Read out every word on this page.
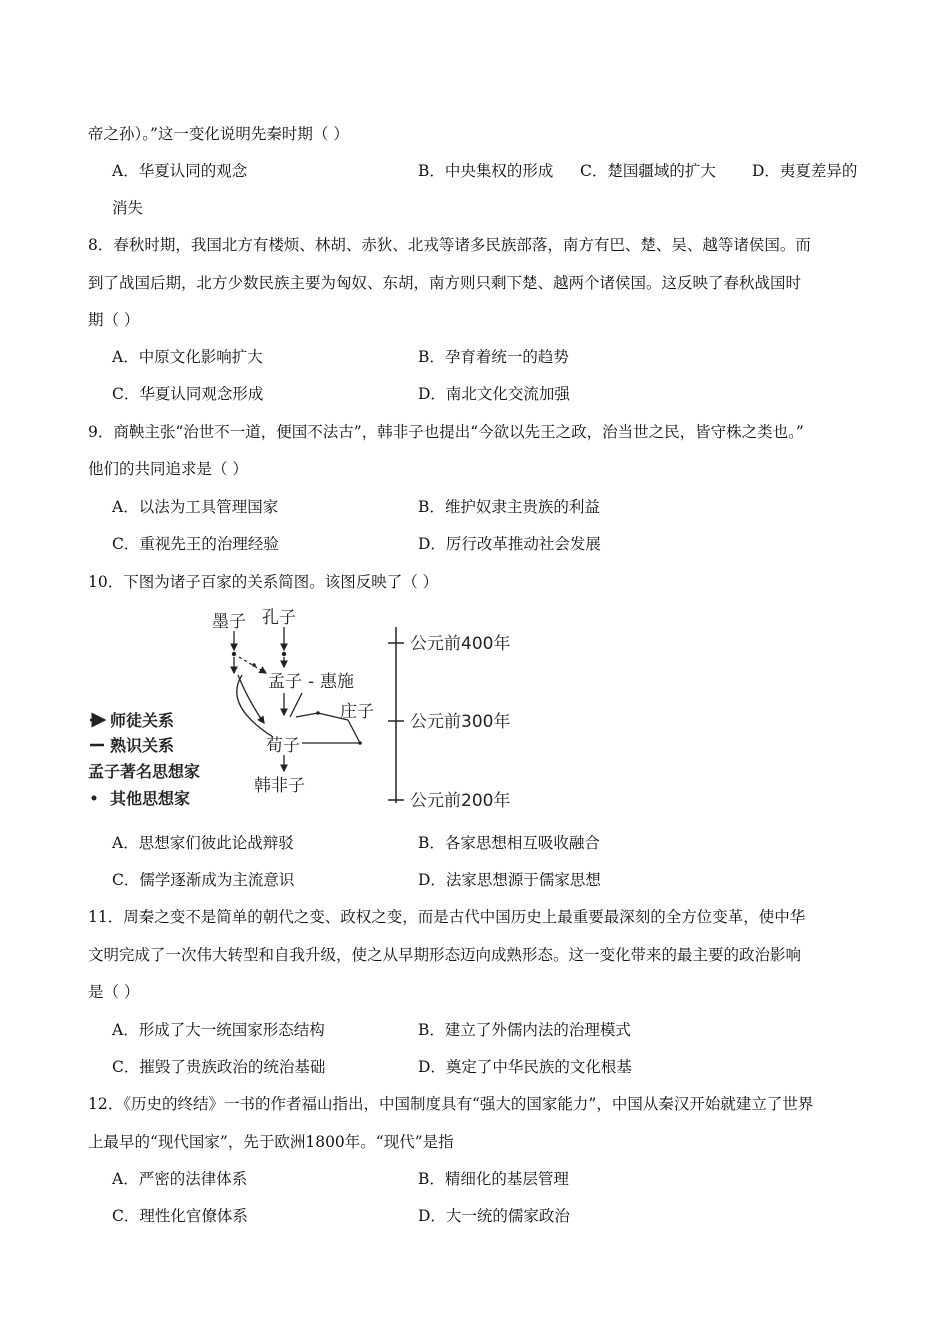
帝之孙）。”这一变化说明先秦时期（ ）
A．华夏认同的观念	B．中央集权的形成 C．楚国疆域的扩大 D．夷夏差异的
消失
8．春秋时期，我国北方有楼烦、林胡、赤狄、北戎等诸多民族部落，南方有巴、楚、吴、越等诸侯国。而
到了战国后期，北方少数民族主要为匈奴、东胡，南方则只剩下楚、越两个诸侯国。这反映了春秋战国时
期（ ）
A．中原文化影响扩大	B．孕育着统一的趋势
C．华夏认同观念形成	D．南北文化交流加强
9．商鞅主张“治世不一道，便国不法古”，韩非子也提出“今欲以先王之政，治当世之民，皆守株之类也。”
他们的共同追求是（ ）
A．以法为工具管理国家	B．维护奴隶主贵族的利益
C．重视先王的治理经验	D．厉行改革推动社会发展
10．下图为诸子百家的关系简图。该图反映了（ ）
墨子 孔子
孟子 - 惠施
庄子
荀子
韩非子
师徒关系
熟识关系
孟子著名思想家
其他思想家
公元前400年
公元前300年
公元前200年
A．思想家们彼此论战辩驳	B．各家思想相互吸收融合
C．儒学逐渐成为主流意识	D．法家思想源于儒家思想
11．周秦之变不是简单的朝代之变、政权之变，而是古代中国历史上最重要最深刻的全方位变革，使中华
文明完成了一次伟大转型和自我升级，使之从早期形态迈向成熟形态。这一变化带来的最主要的政治影响
是（ ）
A．形成了大一统国家形态结构	B．建立了外儒内法的治理模式
C．摧毁了贵族政治的统治基础	D．奠定了中华民族的文化根基
12．《历史的终结》一书的作者福山指出，中国制度具有“强大的国家能力”，中国从秦汉开始就建立了世界
上最早的“现代国家”，先于欧洲1800年。“现代”是指
A．严密的法律体系	B．精细化的基层管理
C．理性化官僚体系	D．大一统的儒家政治
